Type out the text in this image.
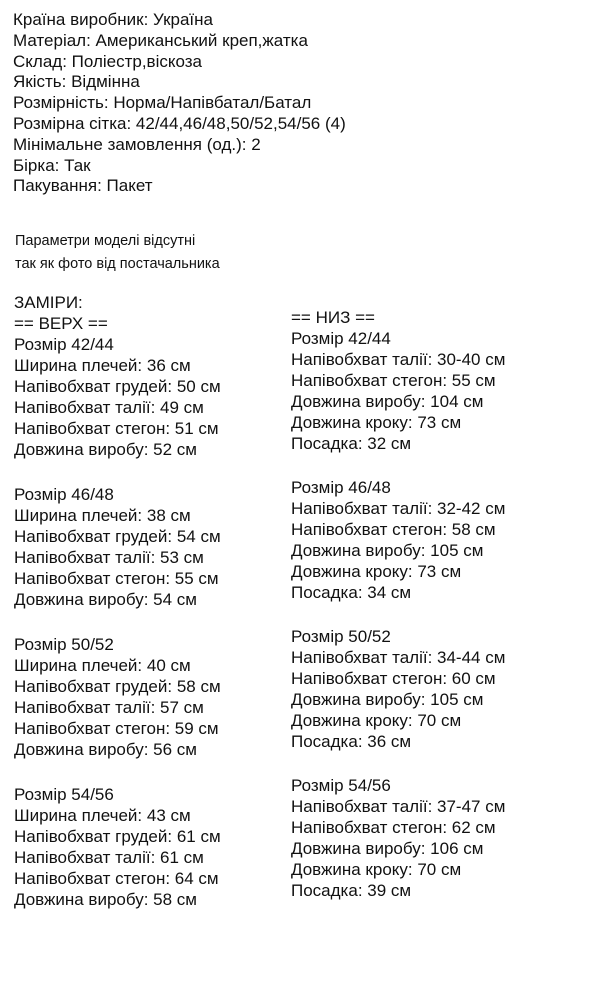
Країна виробник: Україна
Матеріал: Американський креп,жатка
Склад: Поліестр,віскоза
Якість: Відмінна
Розмірність: Норма/Напівбатал/Батал
Розмірна сітка: 42/44,46/48,50/52,54/56 (4)
Мінімальне замовлення (од.): 2
Бірка: Так
Пакування: Пакет
Параметри моделі відсутні
так як фото від постачальника
ЗАМІРИ:
== ВЕРХ ==
Розмір 42/44
Ширина плечей: 36 см
Напівобхват грудей: 50 см
Напівобхват талії: 49 см
Напівобхват стегон: 51 см
Довжина виробу: 52 см
Розмір 46/48
Ширина плечей: 38 см
Напівобхват грудей: 54 см
Напівобхват талії: 53 см
Напівобхват стегон: 55 см
Довжина виробу: 54 см
Розмір 50/52
Ширина плечей: 40 см
Напівобхват грудей: 58 см
Напівобхват талії: 57 см
Напівобхват стегон: 59 см
Довжина виробу: 56 см
Розмір 54/56
Ширина плечей: 43 см
Напівобхват грудей: 61 см
Напівобхват талії: 61 см
Напівобхват стегон: 64 см
Довжина виробу: 58 см
== НИЗ ==
Розмір 42/44
Напівобхват талії: 30-40 см
Напівобхват стегон: 55 см
Довжина виробу: 104 см
Довжина кроку: 73 см
Посадка: 32 см
Розмір 46/48
Напівобхват талії: 32-42 см
Напівобхват стегон: 58 см
Довжина виробу: 105 см
Довжина кроку: 73 см
Посадка: 34 см
Розмір 50/52
Напівобхват талії: 34-44 см
Напівобхват стегон: 60 см
Довжина виробу: 105 см
Довжина кроку: 70 см
Посадка: 36 см
Розмір 54/56
Напівобхват талії: 37-47 см
Напівобхват стегон: 62 см
Довжина виробу: 106 см
Довжина кроку: 70 см
Посадка: 39 см
